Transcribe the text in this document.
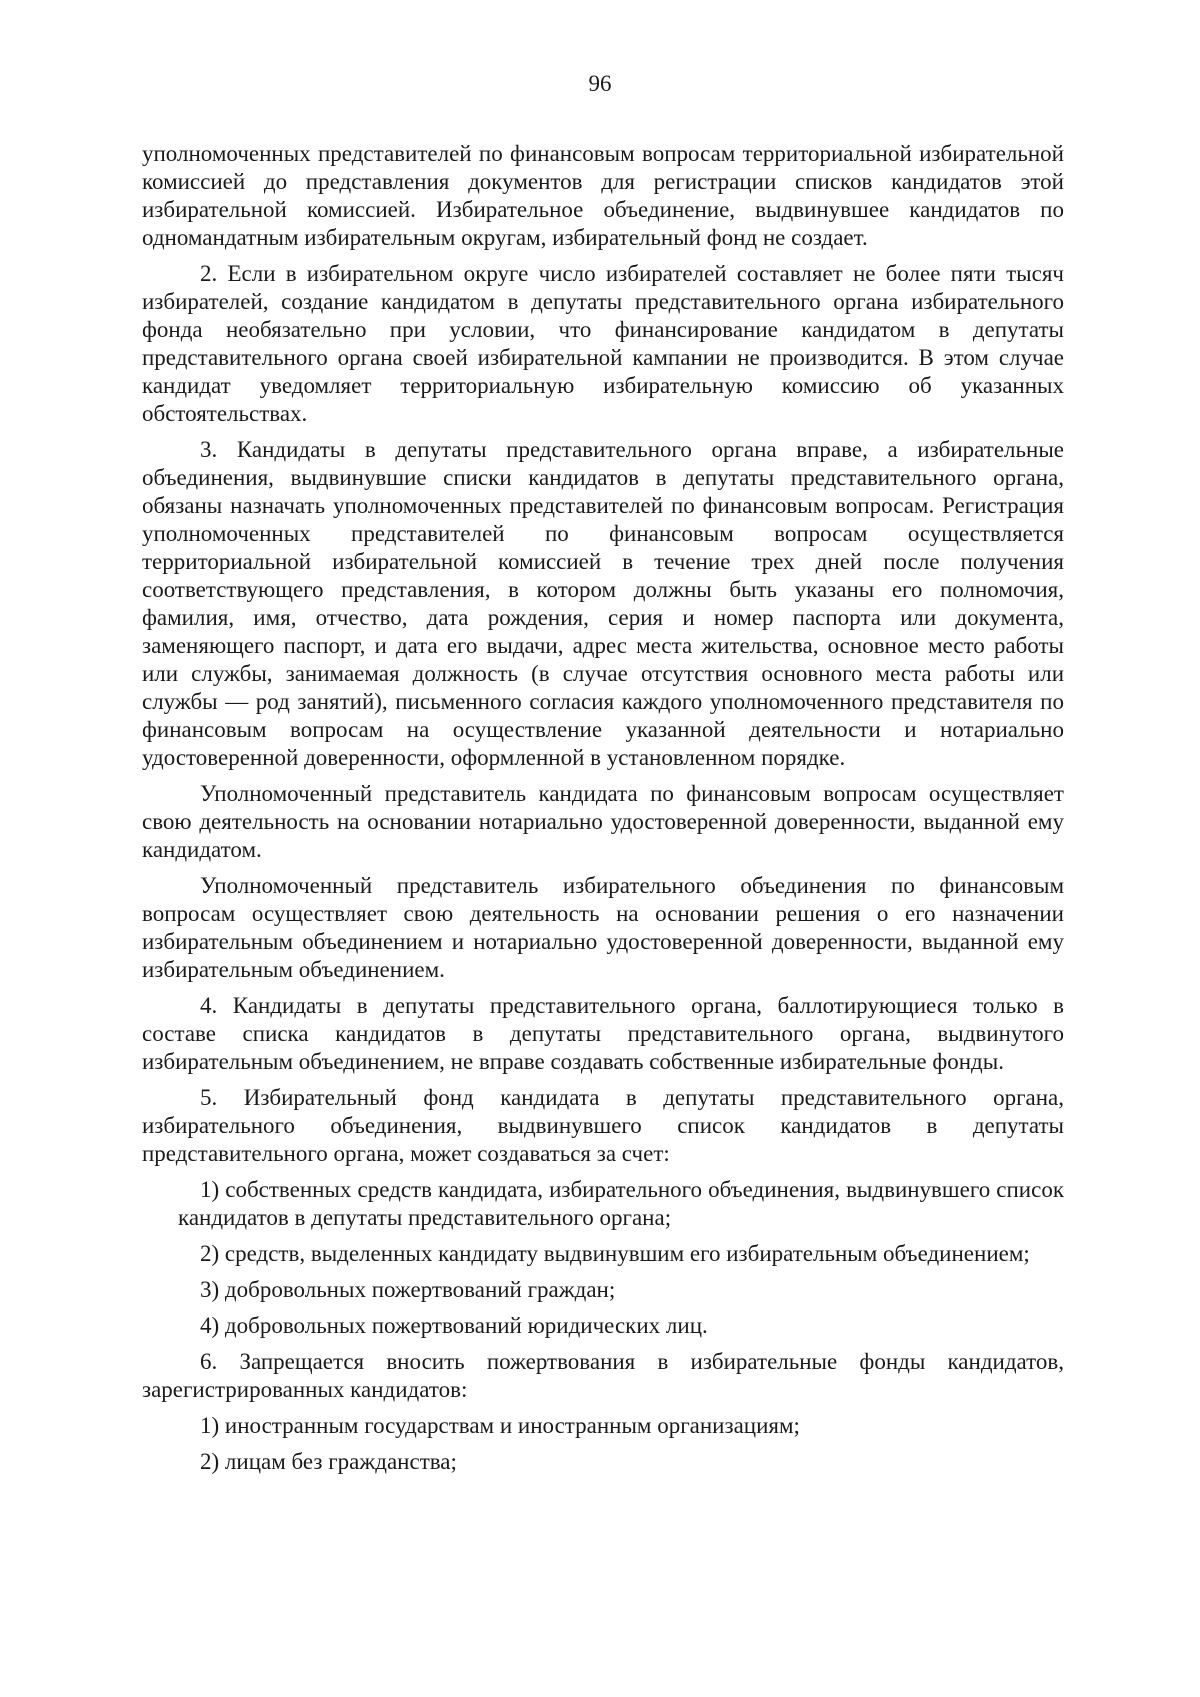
96

уполномоченных представителей по финансовым вопросам территориальной избирательной комиссией до представления документов для регистрации списков кандидатов этой избирательной комиссией. Избирательное объединение, выдвинувшее кандидатов по одномандатным избирательным округам, избирательный фонд не создает.

2. Если в избирательном округе число избирателей составляет не более пяти тысяч избирателей, создание кандидатом в депутаты представительного органа избирательного фонда необязательно при условии, что финансирование кандидатом в депутаты представительного органа своей избирательной кампании не производится. В этом случае кандидат уведомляет территориальную избирательную комиссию об указанных обстоятельствах.

3. Кандидаты в депутаты представительного органа вправе, а избирательные объединения, выдвинувшие списки кандидатов в депутаты представительного органа, обязаны назначать уполномоченных представителей по финансовым вопросам. Регистрация уполномоченных представителей по финансовым вопросам осуществляется территориальной избирательной комиссией в течение трех дней после получения соответствующего представления, в котором должны быть указаны его полномочия, фамилия, имя, отчество, дата рождения, серия и номер паспорта или документа, заменяющего паспорт, и дата его выдачи, адрес места жительства, основное место работы или службы, занимаемая должность (в случае отсутствия основного места работы или службы — род занятий), письменного согласия каждого уполномоченного представителя по финансовым вопросам на осуществление указанной деятельности и нотариально удостоверенной доверенности, оформленной в установленном порядке.

Уполномоченный представитель кандидата по финансовым вопросам осуществляет свою деятельность на основании нотариально удостоверенной доверенности, выданной ему кандидатом.

Уполномоченный представитель избирательного объединения по финансовым вопросам осуществляет свою деятельность на основании решения о его назначении избирательным объединением и нотариально удостоверенной доверенности, выданной ему избирательным объединением.

4. Кандидаты в депутаты представительного органа, баллотирующиеся только в составе списка кандидатов в депутаты представительного органа, выдвинутого избирательным объединением, не вправе создавать собственные избирательные фонды.

5. Избирательный фонд кандидата в депутаты представительного органа, избирательного объединения, выдвинувшего список кандидатов в депутаты представительного органа, может создаваться за счет:

1) собственных средств кандидата, избирательного объединения, выдвинувшего список кандидатов в депутаты представительного органа;

2) средств, выделенных кандидату выдвинувшим его избирательным объединением;

3) добровольных пожертвований граждан;

4) добровольных пожертвований юридических лиц.

6. Запрещается вносить пожертвования в избирательные фонды кандидатов, зарегистрированных кандидатов:

1) иностранным государствам и иностранным организациям;

2) лицам без гражданства;
